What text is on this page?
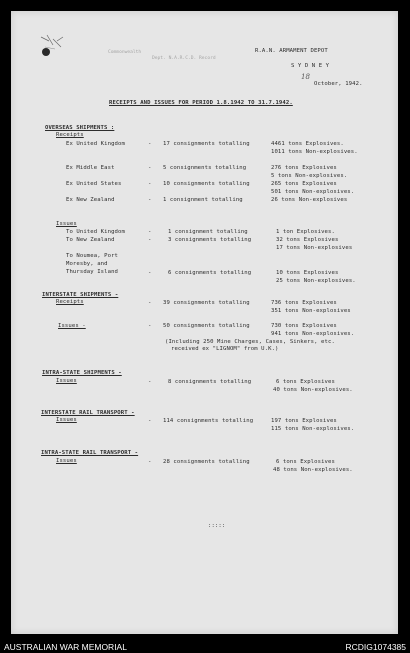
Commonwealth
Dept. N.A.R.C.D. Record
R.A.N. ARMAMENT DEPOT
S Y D N E Y
18
October, 1942.
RECEIPTS AND ISSUES FOR PERIOD 1.8.1942 TO 31.7.1942.
OVERSEAS SHIPMENTS :
Receipts
Ex United Kingdom	- 17 consignments totalling	4461 tons Explosives.
1011 tons Non-explosives.
Ex Middle East	- 5 consignments totalling	276 tons Explosives
5 tons Non-explosives.
Ex United States	- 10 consignments totalling	265 tons Explosives
501 tons Non-explosives.
Ex New Zealand	- 1 consignment totalling	26 tons Non-explosives
Issues
To United Kingdom	-	1 consignment totalling	1 ton Explosives.
To New Zealand	-	3 consignments totalling	32 tons Explosives
17 tons Non-explosives
To Noumea, Port
Moresby, and
Thursday Island	-	6 consignments totalling	10 tons Explosives
25 tons Non-explosives.
INTERSTATE SHIPMENTS -
Receipts	- 39 consignments totalling	736 tons Explosives
351 tons Non-explosives
Issues -	- 50 consignments totalling	730 tons Explosives
941 tons Non-explosives.
(Including 250 Mine Charges, Cases, Sinkers, etc.
received ex "LIGNOM" from U.K.)
INTRA-STATE SHIPMENTS -
Issues	-	8 consignments totalling	6 tons Explosives
40 tons Non-explosives.
INTERSTATE RAIL TRANSPORT -
Issues	- 114 consignments totalling	197 tons Explosives
115 tons Non-explosives.
INTRA-STATE RAIL TRANSPORT -
Issues	- 28 consignments totalling	6 tons Explosives
48 tons Non-explosives.
:::::
AUSTRALIAN WAR MEMORIAL	RCDIG1074385
